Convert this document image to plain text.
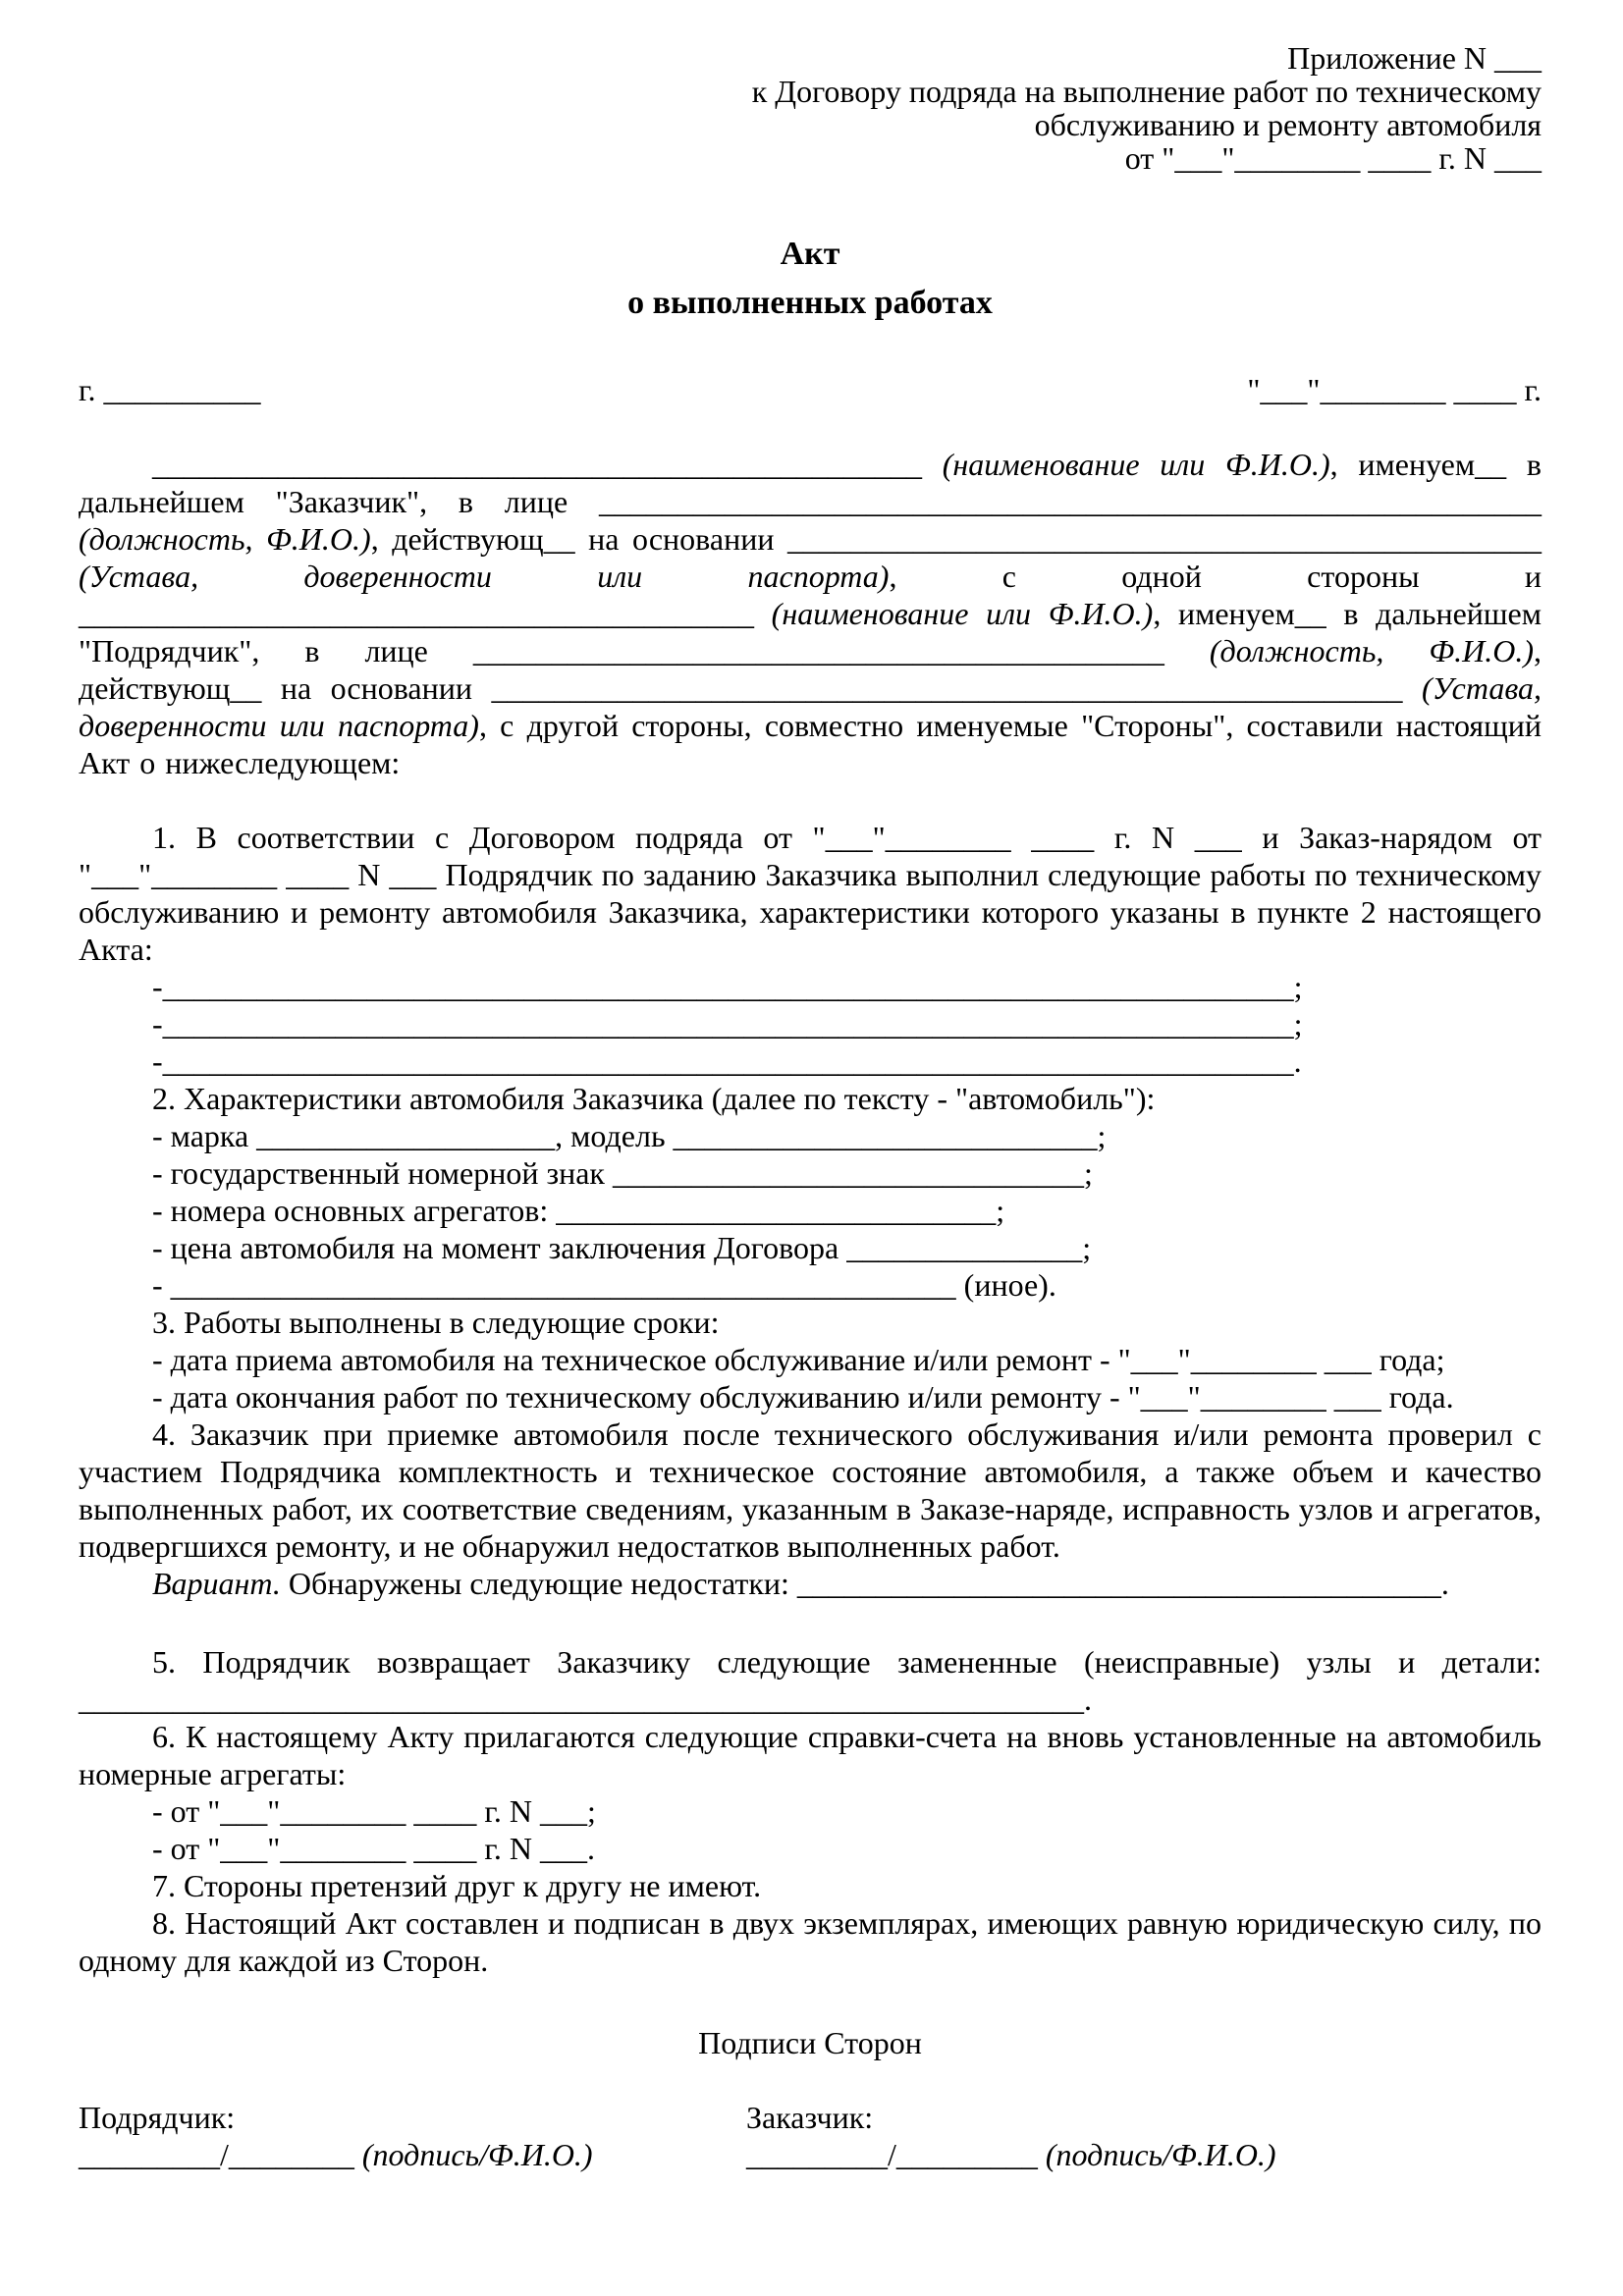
Приложение N ___
к Договору подряда на выполнение работ по техническому
обслуживанию и ремонту автомобиля
от "___"________ ____ г. N ___
Акт
о выполненных работах
г. __________	"___"________ ____ г.
_________________________________________________ (наименование или Ф.И.О.), именуем__ в дальнейшем "Заказчик", в лице ____________________________________________________________ (должность, Ф.И.О.), действующ__ на основании ________________________________________________ (Устава, доверенности или паспорта), с одной стороны и ___________________________________________ (наименование или Ф.И.О.), именуем__ в дальнейшем "Подрядчик", в лице ____________________________________________ (должность, Ф.И.О.), действующ__ на основании __________________________________________________________ (Устава, доверенности или паспорта), с другой стороны, совместно именуемые "Стороны", составили настоящий Акт о нижеследующем:
1. В соответствии с Договором подряда от "___"________ ____ г. N ___ и Заказ-нарядом от "___"________ ____ N ___ Подрядчик по заданию Заказчика выполнил следующие работы по техническому обслуживанию и ремонту автомобиля Заказчика, характеристики которого указаны в пункте 2 настоящего Акта:
-________________________________________________________________________;
-________________________________________________________________________;
-________________________________________________________________________.
2. Характеристики автомобиля Заказчика (далее по тексту - "автомобиль"):
- марка ___________________, модель ___________________________;
- государственный номерной знак ______________________________;
- номера основных агрегатов: ____________________________;
- цена автомобиля на момент заключения Договора _______________;
- __________________________________________________ (иное).
3. Работы выполнены в следующие сроки:
- дата приема автомобиля на техническое обслуживание и/или ремонт - "___"________ ___ года;
- дата окончания работ по техническому обслуживанию и/или ремонту - "___"________ ___ года.
4. Заказчик при приемке автомобиля после технического обслуживания и/или ремонта проверил с участием Подрядчика комплектность и техническое состояние автомобиля, а также объем и качество выполненных работ, их соответствие сведениям, указанным в Заказе-наряде, исправность узлов и агрегатов, подвергшихся ремонту, и не обнаружил недостатков выполненных работ.
Вариант. Обнаружены следующие недостатки: _________________________________________.
5. Подрядчик возвращает Заказчику следующие замененные (неисправные) узлы и детали: ________________________________________________________________.
6. К настоящему Акту прилагаются следующие справки-счета на вновь установленные на автомобиль номерные агрегаты:
- от "___"________ ____ г. N ___;
- от "___"________ ____ г. N ___.
7. Стороны претензий друг к другу не имеют.
8. Настоящий Акт составлен и подписан в двух экземплярах, имеющих равную юридическую силу, по одному для каждой из Сторон.
Подписи Сторон
Подрядчик:
_________/________ (подпись/Ф.И.О.)
Заказчик:
_________/_________ (подпись/Ф.И.О.)
